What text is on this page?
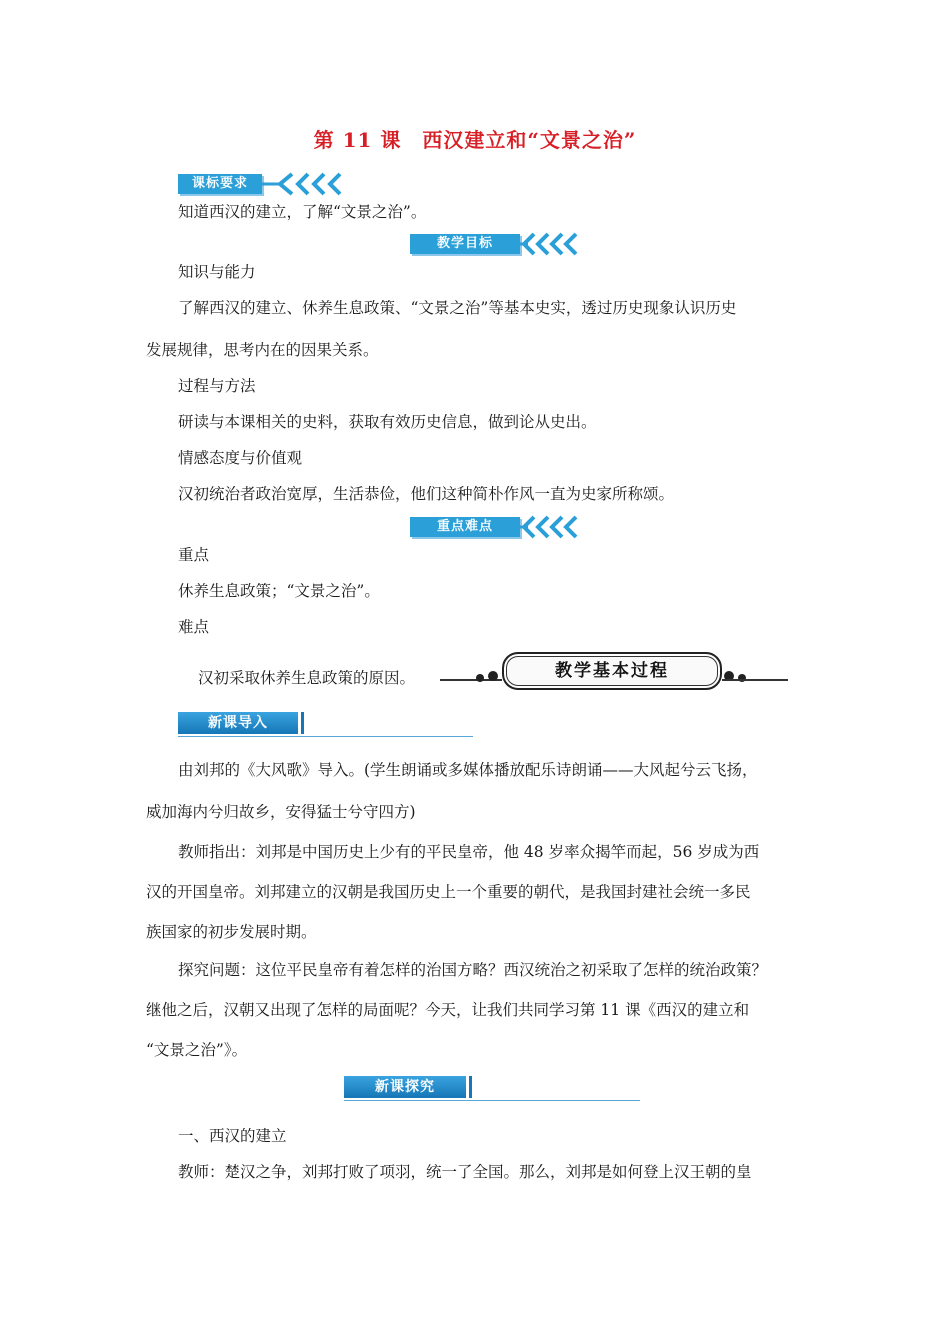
第 11 课　西汉建立和“文景之治”
课标要求
知道西汉的建立，了解“文景之治”。
教学目标
知识与能力
了解西汉的建立、休养生息政策、“文景之治”等基本史实，透过历史现象认识历史
发展规律，思考内在的因果关系。
过程与方法
研读与本课相关的史料，获取有效历史信息，做到论从史出。
情感态度与价值观
汉初统治者政治宽厚，生活恭俭，他们这种简朴作风一直为史家所称颂。
重点难点
重点
休养生息政策；“文景之治”。
难点
汉初采取休养生息政策的原因。	教学基本过程
新课导入
由刘邦的《大风歌》导入。(学生朗诵或多媒体播放配乐诗朗诵——大风起兮云飞扬，
威加海内兮归故乡，安得猛士兮守四方)
教师指出：刘邦是中国历史上少有的平民皇帝，他 48 岁率众揭竿而起，56 岁成为西
汉的开国皇帝。刘邦建立的汉朝是我国历史上一个重要的朝代，是我国封建社会统一多民
族国家的初步发展时期。
探究问题：这位平民皇帝有着怎样的治国方略？西汉统治之初采取了怎样的统治政策？
继他之后，汉朝又出现了怎样的局面呢？今天，让我们共同学习第 11 课《西汉的建立和
“文景之治”》。
新课探究
一、西汉的建立
教师：楚汉之争，刘邦打败了项羽，统一了全国。那么，刘邦是如何登上汉王朝的皇
